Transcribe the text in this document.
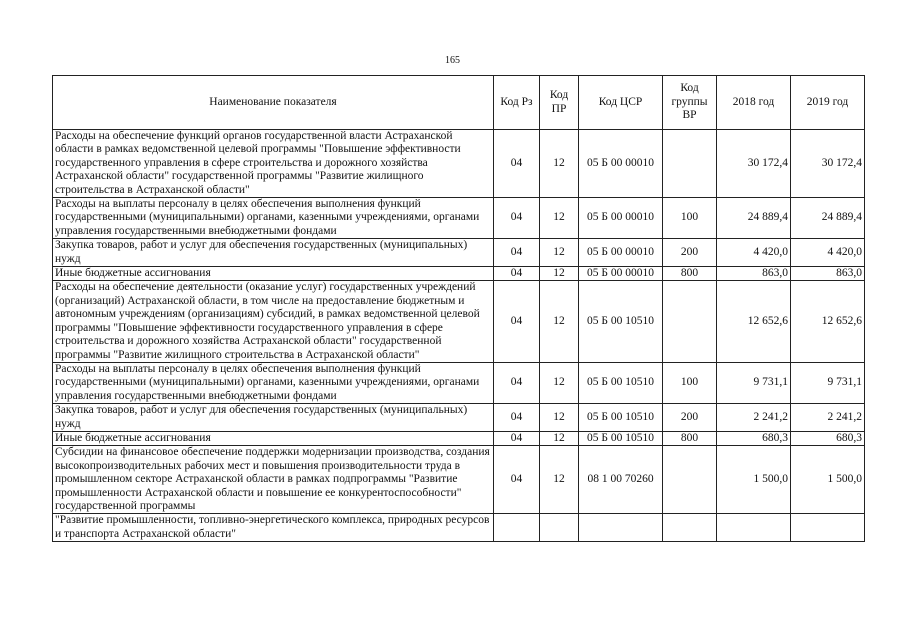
165
Наименование показателя	Код Рз	Код ПР	Код ЦСР	Код группы ВР	2018 год	2019 год
Расходы на обеспечение функций органов государственной власти Астраханской области в рамках ведомственной целевой программы "Повышение эффективности государственного управления в сфере строительства и дорожного хозяйства Астраханской области" государственной программы "Развитие жилищного строительства в Астраханской области"	04	12	05 Б 00 00010		30 172,4	30 172,4
Расходы на выплаты персоналу в целях обеспечения выполнения функций государственными (муниципальными) органами, казенными учреждениями, органами управления государственными внебюджетными фондами	04	12	05 Б 00 00010	100	24 889,4	24 889,4
Закупка товаров, работ и услуг для обеспечения государственных (муниципальных) нужд	04	12	05 Б 00 00010	200	4 420,0	4 420,0
Иные бюджетные ассигнования	04	12	05 Б 00 00010	800	863,0	863,0
Расходы на обеспечение деятельности (оказание услуг) государственных учреждений (организаций) Астраханской области, в том числе на предоставление бюджетным и автономным учреждениям (организациям) субсидий, в рамках ведомственной целевой программы "Повышение эффективности государственного управления в сфере строительства и дорожного хозяйства Астраханской области" государственной программы "Развитие жилищного строительства в Астраханской области"	04	12	05 Б 00 10510		12 652,6	12 652,6
Расходы на выплаты персоналу в целях обеспечения выполнения функций государственными (муниципальными) органами, казенными учреждениями, органами управления государственными внебюджетными фондами	04	12	05 Б 00 10510	100	9 731,1	9 731,1
Закупка товаров, работ и услуг для обеспечения государственных (муниципальных) нужд	04	12	05 Б 00 10510	200	2 241,2	2 241,2
Иные бюджетные ассигнования	04	12	05 Б 00 10510	800	680,3	680,3
Субсидии на финансовое обеспечение поддержки модернизации производства, создания высокопроизводительных рабочих мест и повышения производительности труда в промышленном секторе Астраханской области в рамках подпрограммы "Развитие промышленности Астраханской области и повышение ее конкурентоспособности" государственной программы	04	12	08 1 00 70260		1 500,0	1 500,0
"Развитие промышленности, топливно-энергетического комплекса, природных ресурсов и транспорта Астраханской области"						
